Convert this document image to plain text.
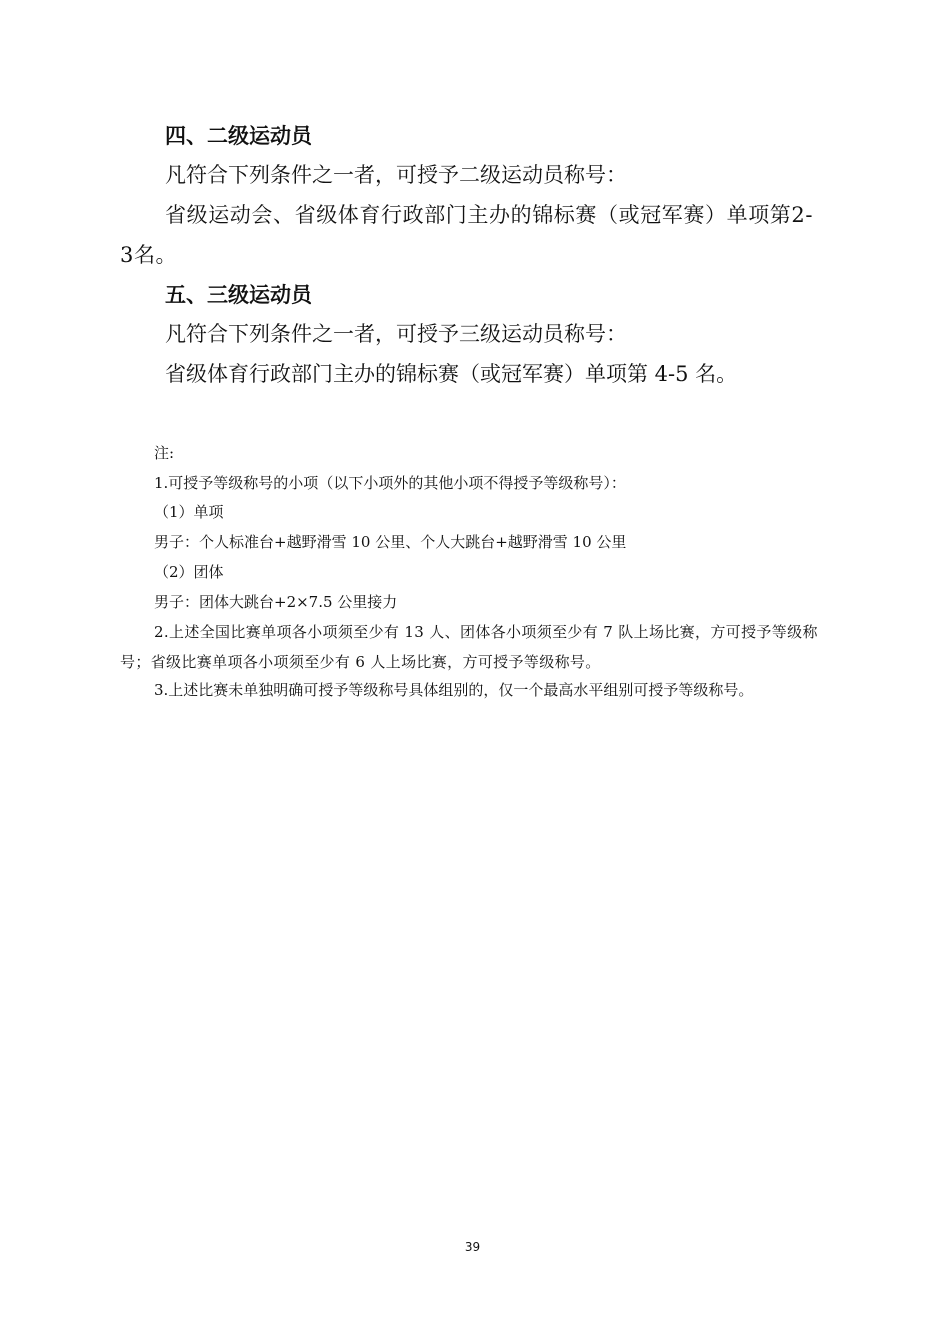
四、二级运动员
凡符合下列条件之一者，可授予二级运动员称号：
省级运动会、省级体育行政部门主办的锦标赛（或冠军赛）单项第2-3名。
五、三级运动员
凡符合下列条件之一者，可授予三级运动员称号：
省级体育行政部门主办的锦标赛（或冠军赛）单项第 4-5 名。
注:
1.可授予等级称号的小项（以下小项外的其他小项不得授予等级称号）：
（1）单项
男子：个人标准台+越野滑雪 10 公里、个人大跳台+越野滑雪 10 公里
（2）团体
男子：团体大跳台+2×7.5 公里接力
2.上述全国比赛单项各小项须至少有 13 人、团体各小项须至少有 7 队上场比赛，方可授予等级称号；省级比赛单项各小项须至少有 6 人上场比赛，方可授予等级称号。
3.上述比赛未单独明确可授予等级称号具体组别的，仅一个最高水平组别可授予等级称号。
39
